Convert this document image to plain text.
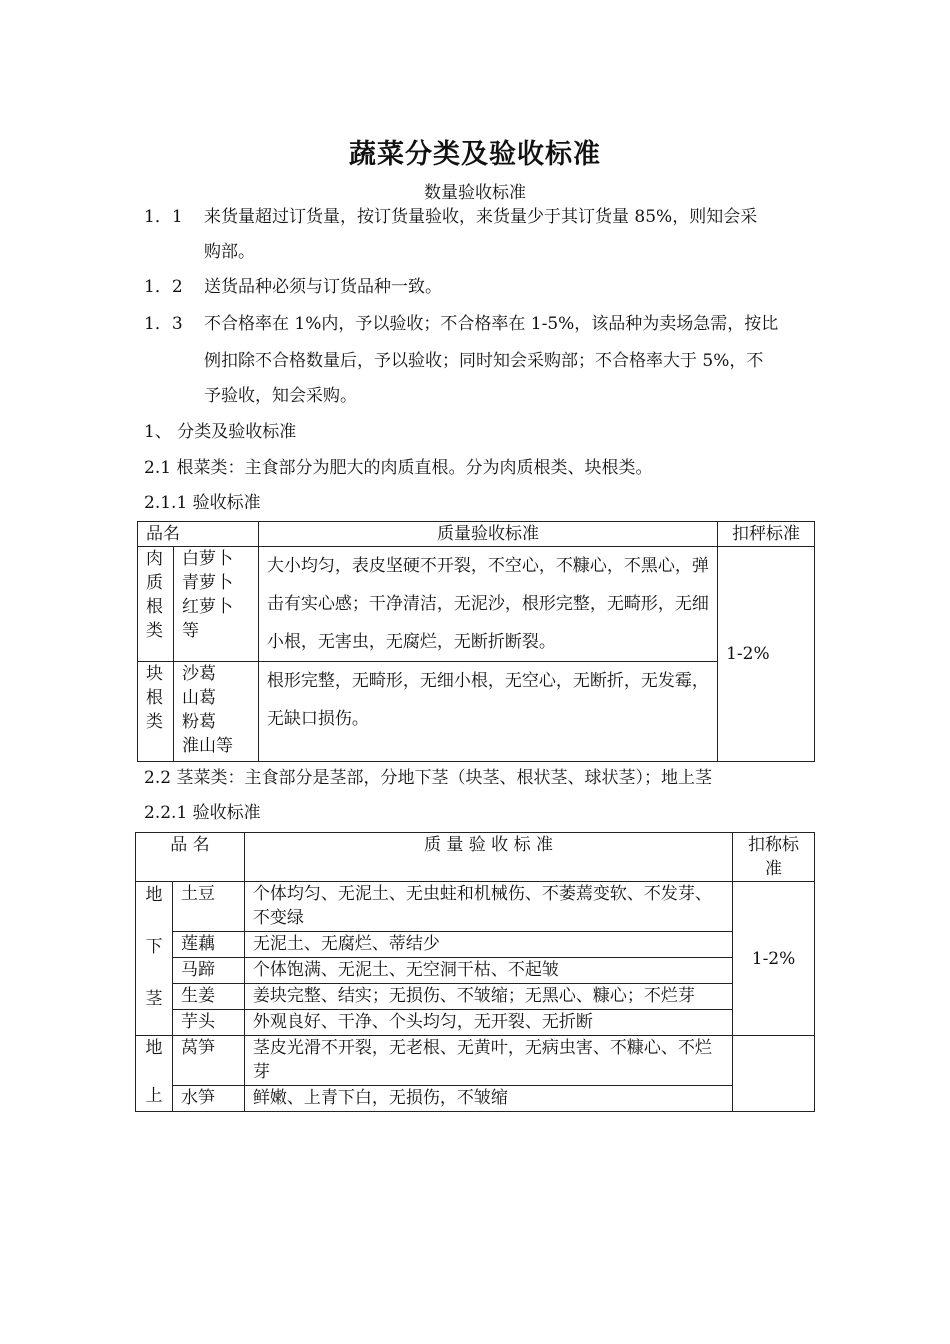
蔬菜分类及验收标准
数量验收标准
1．1 来货量超过订货量，按订货量验收，来货量少于其订货量 85%，则知会采
购部。
1．2 送货品种必须与订货品种一致。
1．3 不合格率在 1%内，予以验收；不合格率在 1-5%，该品种为卖场急需，按比
例扣除不合格数量后，予以验收；同时知会采购部；不合格率大于 5%，不
予验收，知会采购。
1、 分类及验收标准
2.1 根菜类：主食部分为肥大的肉质直根。分为肉质根类、块根类。
2.1.1 验收标准
品名		质量验收标准	扣秤标准
肉
质
根
类	白萝卜
青萝卜
红萝卜
等	大小均匀，表皮坚硬不开裂，不空心，不糠心，不黑心，弹击有实心感；干净清洁，无泥沙，根形完整，无畸形，无细小根，无害虫，无腐烂，无断折断裂。	1-2%
块
根
类	沙葛
山葛
粉葛
淮山等	根形完整，无畸形，无细小根，无空心，无断折，无发霉，无缺口损伤。	
2.2 茎菜类：主食部分是茎部，分地下茎（块茎、根状茎、球状茎）；地上茎
2.2.1 验收标准
品 名		质 量 验 收 标 准	扣称标准
地

下

茎	土豆	个体均匀、无泥土、无虫蛀和机械伤、不萎蔫变软、不发芽、不变绿	1-2%
	莲藕	无泥土、无腐烂、蒂结少	
	马蹄	个体饱满、无泥土、无空洞干枯、不起皱	
	生姜	姜块完整、结实；无损伤、不皱缩；无黑心、糠心；不烂芽	
	芋头	外观良好、干净、个头均匀，无开裂、无折断	
地

上	莴笋	茎皮光滑不开裂，无老根、无黄叶，无病虫害、不糠心、不烂芽	
	水笋	鲜嫩、上青下白，无损伤，不皱缩	
